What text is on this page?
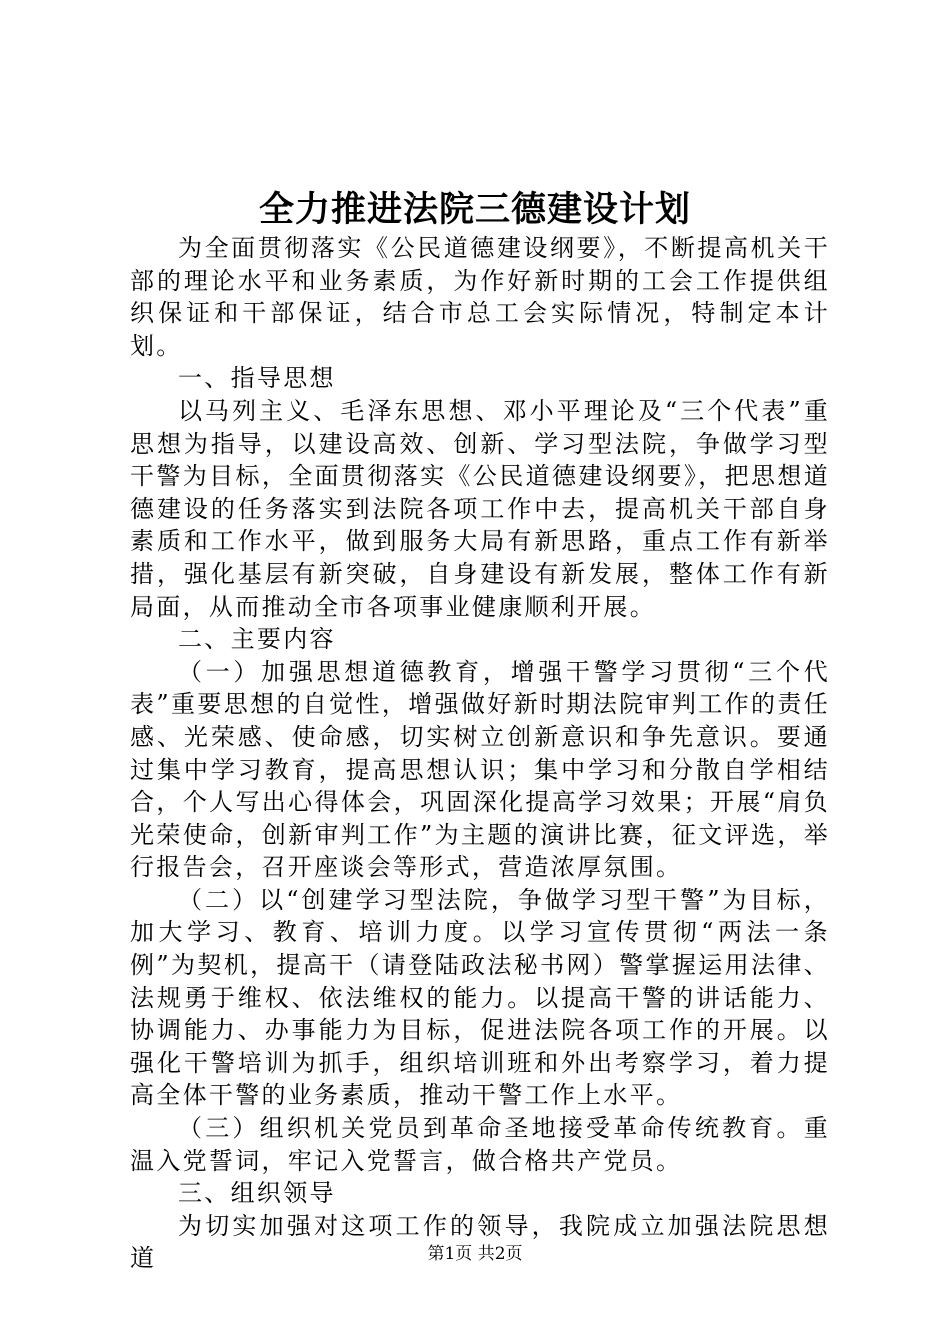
全力推进法院三德建设计划

为全面贯彻落实《公民道德建设纲要》，不断提高机关干部的理论水平和业务素质，为作好新时期的工会工作提供组织保证和干部保证，结合市总工会实际情况，特制定本计划。

一、指导思想

以马列主义、毛泽东思想、邓小平理论及“三个代表”重思想为指导，以建设高效、创新、学习型法院，争做学习型干警为目标，全面贯彻落实《公民道德建设纲要》，把思想道德建设的任务落实到法院各项工作中去，提高机关干部自身素质和工作水平，做到服务大局有新思路，重点工作有新举措，强化基层有新突破，自身建设有新发展，整体工作有新局面，从而推动全市各项事业健康顺利开展。

二、主要内容

（一）加强思想道德教育，增强干警学习贯彻“三个代表”重要思想的自觉性，增强做好新时期法院审判工作的责任感、光荣感、使命感，切实树立创新意识和争先意识。要通过集中学习教育，提高思想认识；集中学习和分散自学相结合，个人写出心得体会，巩固深化提高学习效果；开展“肩负光荣使命，创新审判工作”为主题的演讲比赛，征文评选，举行报告会，召开座谈会等形式，营造浓厚氛围。

（二）以“创建学习型法院，争做学习型干警”为目标，加大学习、教育、培训力度。以学习宣传贯彻“两法一条例”为契机，提高干（请登陆政法秘书网）警掌握运用法律、法规勇于维权、依法维权的能力。以提高干警的讲话能力、协调能力、办事能力为目标，促进法院各项工作的开展。以强化干警培训为抓手，组织培训班和外出考察学习，着力提高全体干警的业务素质，推动干警工作上水平。

（三）组织机关党员到革命圣地接受革命传统教育。重温入党誓词，牢记入党誓言，做合格共产党员。

三、组织领导

为切实加强对这项工作的领导，我院成立加强法院思想道	第1页 共2页
